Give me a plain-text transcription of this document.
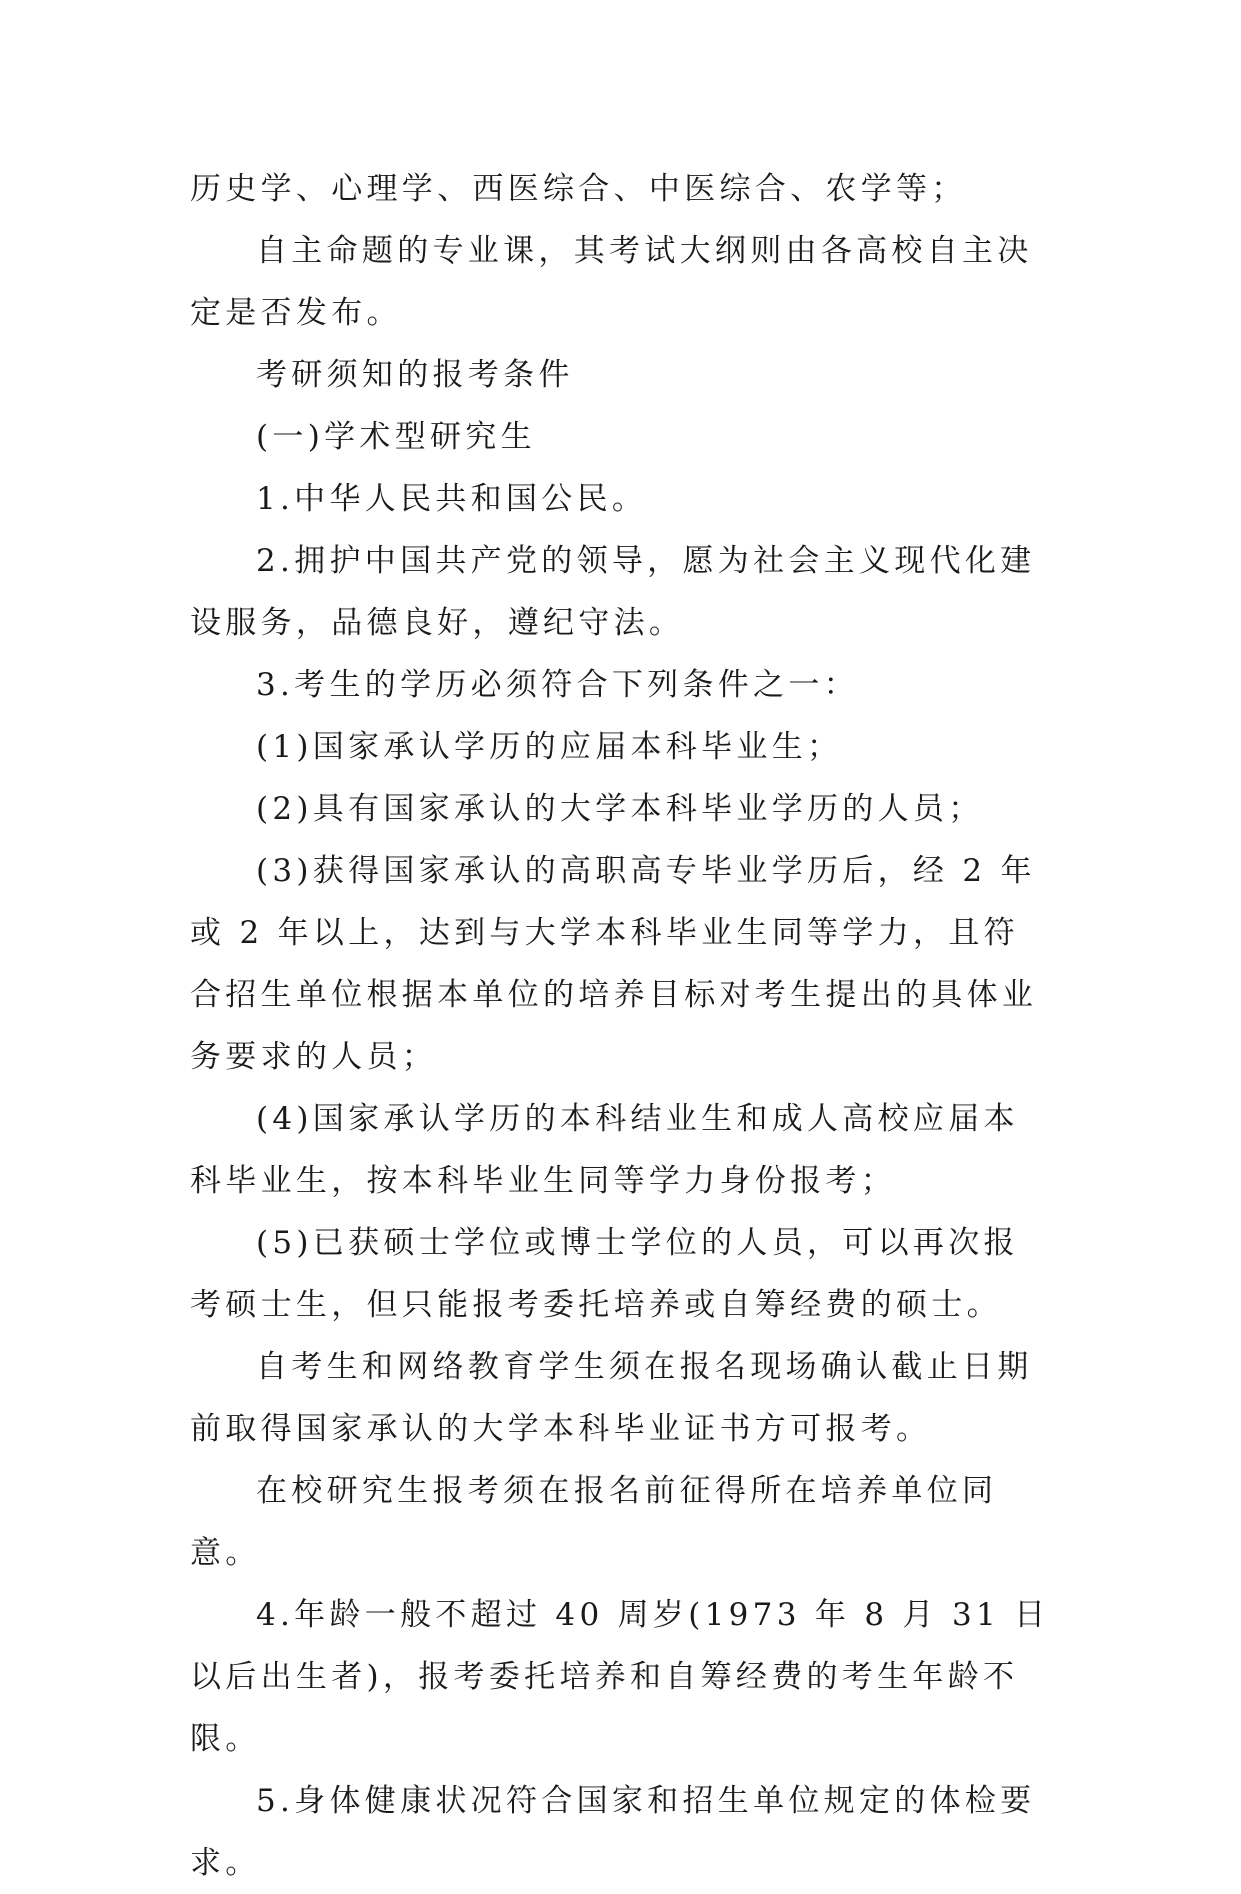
历史学、心理学、西医综合、中医综合、农学等；

自主命题的专业课，其考试大纲则由各高校自主决定是否发布。

考研须知的报考条件

(一)学术型研究生

1.中华人民共和国公民。

2.拥护中国共产党的领导，愿为社会主义现代化建设服务，品德良好，遵纪守法。

3.考生的学历必须符合下列条件之一：

(1)国家承认学历的应届本科毕业生；

(2)具有国家承认的大学本科毕业学历的人员；

(3)获得国家承认的高职高专毕业学历后，经 2 年或 2 年以上，达到与大学本科毕业生同等学力，且符合招生单位根据本单位的培养目标对考生提出的具体业务要求的人员；

(4)国家承认学历的本科结业生和成人高校应届本科毕业生，按本科毕业生同等学力身份报考；

(5)已获硕士学位或博士学位的人员，可以再次报考硕士生，但只能报考委托培养或自筹经费的硕士。

自考生和网络教育学生须在报名现场确认截止日期前取得国家承认的大学本科毕业证书方可报考。

在校研究生报考须在报名前征得所在培养单位同意。

4.年龄一般不超过 40 周岁(1973 年 8 月 31 日以后出生者)，报考委托培养和自筹经费的考生年龄不限。

5.身体健康状况符合国家和招生单位规定的体检要求。
